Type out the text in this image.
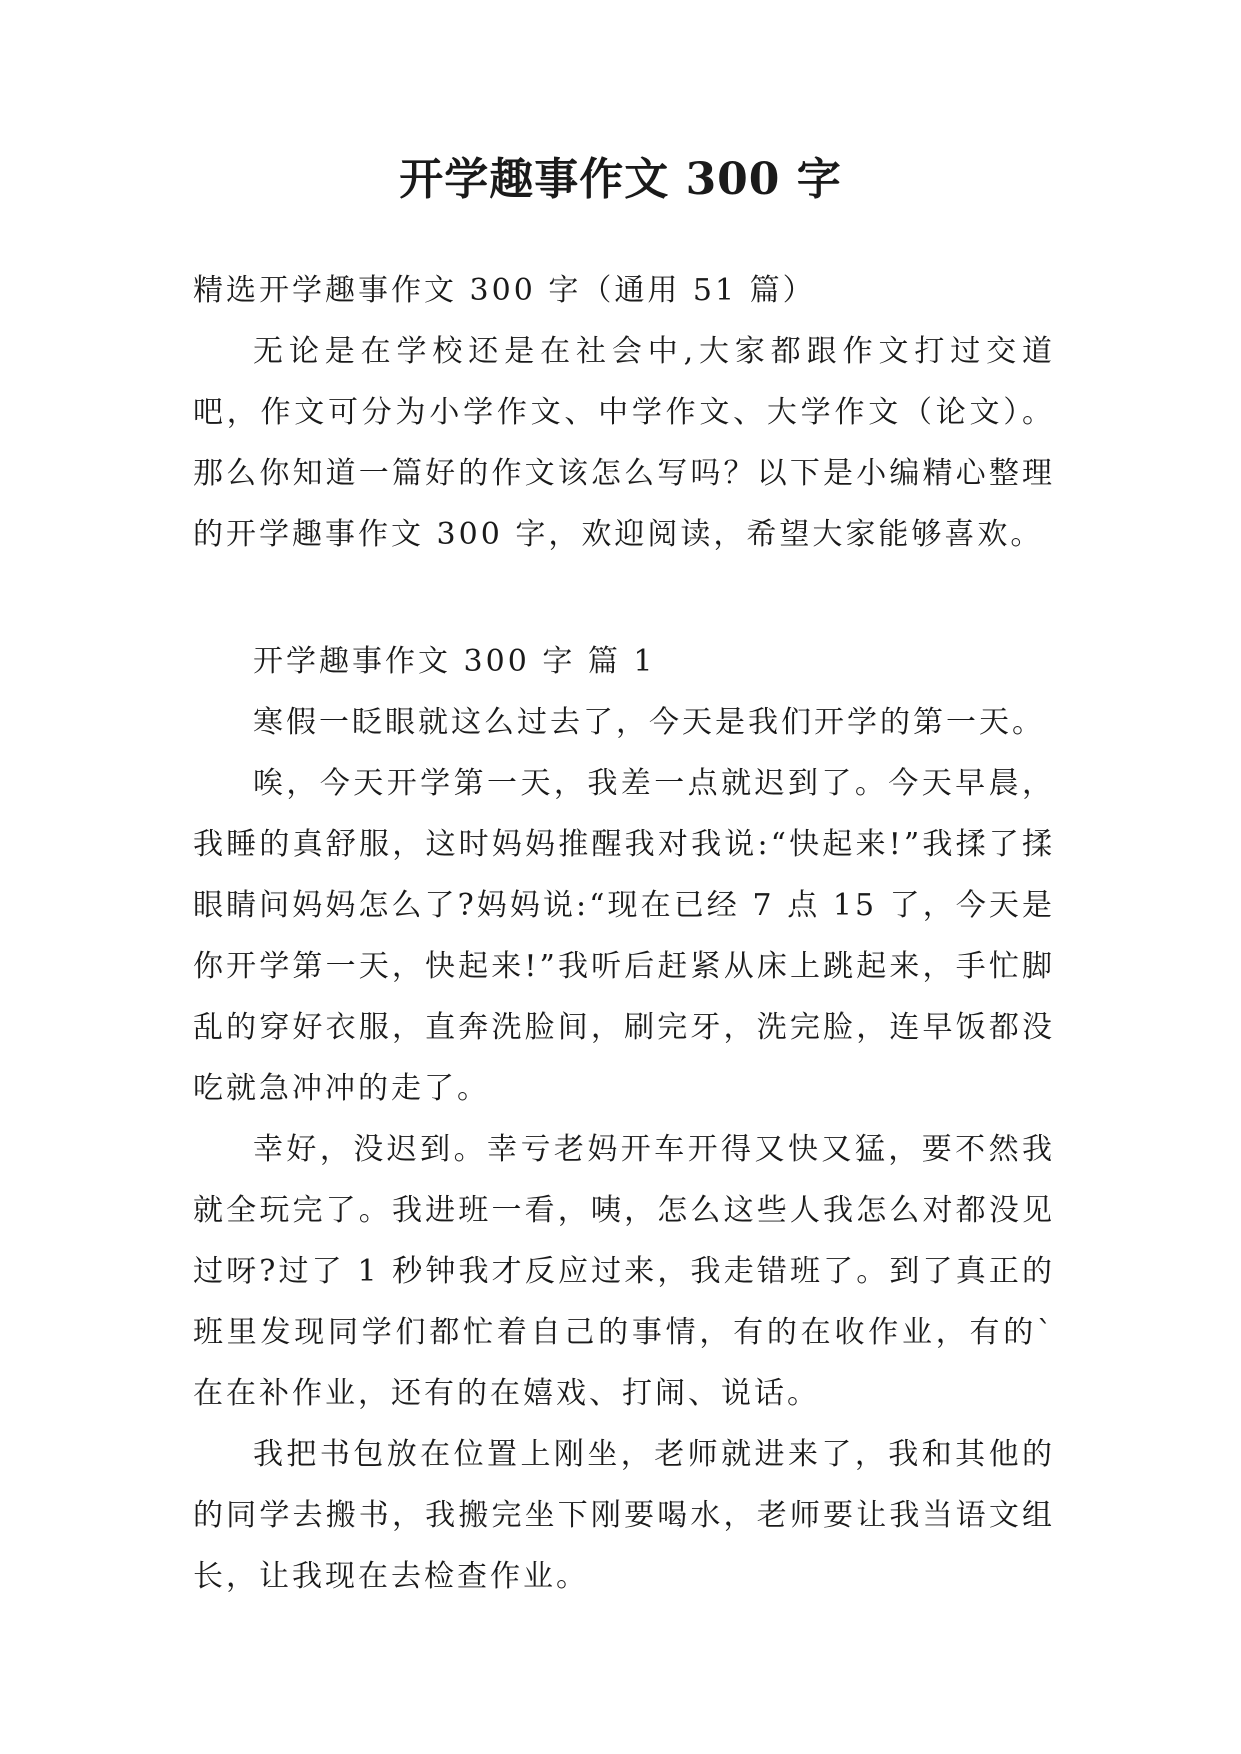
开学趣事作文 300 字
精选开学趣事作文 300 字（通用 51 篇）

无论是在学校还是在社会中,大家都跟作文打过交道吧，作文可分为小学作文、中学作文、大学作文（论文）。那么你知道一篇好的作文该怎么写吗？以下是小编精心整理的开学趣事作文 300 字，欢迎阅读，希望大家能够喜欢。

开学趣事作文 300 字 篇 1

寒假一眨眼就这么过去了，今天是我们开学的第一天。

唉，今天开学第一天，我差一点就迟到了。今天早晨，我睡的真舒服，这时妈妈推醒我对我说:“快起来!”我揉了揉眼睛问妈妈怎么了?妈妈说:“现在已经 7 点 15 了，今天是你开学第一天，快起来!”我听后赶紧从床上跳起来，手忙脚乱的穿好衣服，直奔洗脸间，刷完牙，洗完脸，连早饭都没吃就急冲冲的走了。

幸好，没迟到。幸亏老妈开车开得又快又猛，要不然我就全玩完了。我进班一看，咦，怎么这些人我怎么对都没见过呀?过了 1 秒钟我才反应过来，我走错班了。到了真正的班里发现同学们都忙着自己的事情，有的在收作业，有的`在在补作业，还有的在嬉戏、打闹、说话。

我把书包放在位置上刚坐，老师就进来了，我和其他的的同学去搬书，我搬完坐下刚要喝水，老师要让我当语文组长，让我现在去检查作业。
